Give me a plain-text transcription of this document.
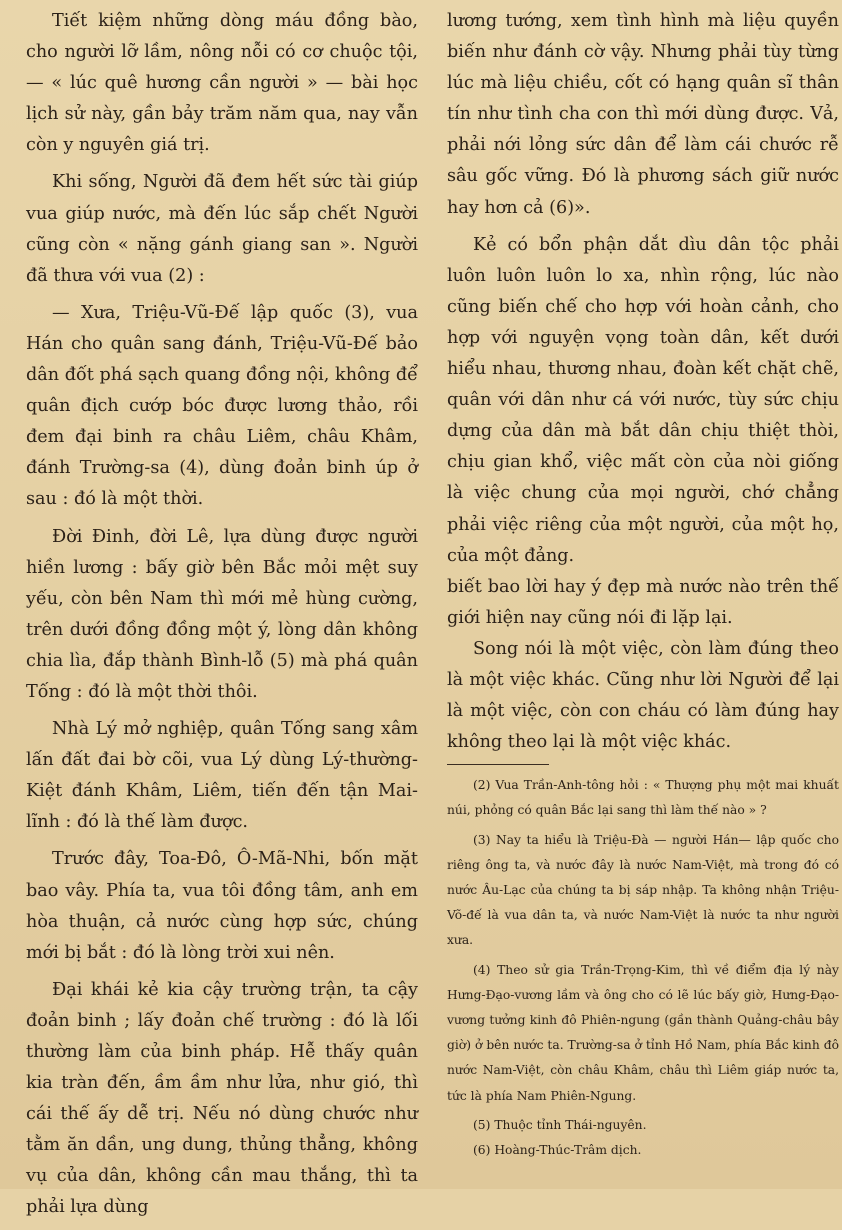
Tiết kiệm những dòng máu đồng bào, cho người lỡ lầm, nông nỗi có cơ chuộc tội, — « lúc quê hương cần người » — bài học lịch sử này, gần bảy trăm năm qua, nay vẫn còn y nguyên giá trị.

Khi sống, Người đã đem hết sức tài giúp vua giúp nước, mà đến lúc sắp chết Người cũng còn « nặng gánh giang san ». Người đã thưa với vua (2) :

— Xưa, Triệu-Vũ-Đế lập quốc (3), vua Hán cho quân sang đánh, Triệu-Vũ-Đế bảo dân đốt phá sạch quang đồng nội, không để quân địch cướp bóc được lương thảo, rồi đem đại binh ra châu Liêm, châu Khâm, đánh Trường-sa (4), dùng đoản binh úp ở sau : đó là một thời.

Đời Đinh, đời Lê, lựa dùng được người hiền lương : bấy giờ bên Bắc mỏi mệt suy yếu, còn bên Nam thì mới mẻ hùng cường, trên dưới đồng đồng một ý, lòng dân không chia lìa, đắp thành Bình-lỗ (5) mà phá quân Tống : đó là một thời thôi.

Nhà Lý mở nghiệp, quân Tống sang xâm lấn đất đai bờ cõi, vua Lý dùng Lý-thường-Kiệt đánh Khâm, Liêm, tiến đến tận Mai-lĩnh : đó là thế làm được.

Trước đây, Toa-Đô, Ô-Mã-Nhi, bốn mặt bao vây. Phía ta, vua tôi đồng tâm, anh em hòa thuận, cả nước cùng hợp sức, chúng mới bị bắt : đó là lòng trời xui nên.

Đại khái kẻ kia cậy trường trận, ta cậy đoản binh ; lấy đoản chế trường : đó là lối thường làm của binh pháp. Hễ thấy quân kia tràn đến, ầm ầm như lửa, như gió, thì cái thế ấy dễ trị. Nếu nó dùng chước như tằm ăn dần, ung dung, thủng thẳng, không vụ của dân, không cần mau thắng, thì ta phải lựa dùng

lương tướng, xem tình hình mà liệu quyền biến như đánh cờ vậy. Nhưng phải tùy từng lúc mà liệu chiều, cốt có hạng quân sĩ thân tín như tình cha con thì mới dùng được. Vả, phải nới lỏng sức dân để làm cái chước rễ sâu gốc vững. Đó là phương sách giữ nước hay hơn cả (6)».

Kẻ có bổn phận dắt dìu dân tộc phải luôn luôn luôn lo xa, nhìn rộng, lúc nào cũng biến chế cho hợp với hoàn cảnh, cho hợp với nguyện vọng toàn dân, kết dưới hiểu nhau, thương nhau, đoàn kết chặt chẽ, quân với dân như cá với nước, tùy sức chịu dựng của dân mà bắt dân chịu thiệt thòi, chịu gian khổ, việc mất còn của nòi giống là việc chung của mọi người, chớ chẳng phải việc riêng của một người, của một họ, của một đảng.

biết bao lời hay ý đẹp mà nước nào trên thế giới hiện nay cũng nói đi lặp lại.

Song nói là một việc, còn làm đúng theo là một việc khác. Cũng như lời Người để lại là một việc, còn con cháu có làm đúng hay không theo lại là một việc khác.

(2) Vua Trần-Anh-tông hỏi : « Thượng phụ một mai khuất núi, phỏng có quân Bắc lại sang thì làm thế nào » ?

(3) Nay ta hiểu là Triệu-Đà — người Hán— lập quốc cho riêng ông ta, và nước đây là nước Nam-Việt, mà trong đó có nước Âu-Lạc của chúng ta bị sáp nhập. Ta không nhận Triệu-Võ-đế là vua dân ta, và nước Nam-Việt là nước ta như người xưa.

(4) Theo sử gia Trần-Trọng-Kim, thì về điểm địa lý này Hưng-Đạo-vương lầm và ông cho có lẽ lúc bấy giờ, Hưng-Đạo-vương tưởng kinh đô Phiên-ngung (gần thành Quảng-châu bây giờ) ở bên nước ta. Trường-sa ở tỉnh Hồ Nam, phía Bắc kinh đô nước Nam-Việt, còn châu Khâm, châu thì Liêm giáp nước ta, tức là phía Nam Phiên-Ngung.

(5) Thuộc tỉnh Thái-nguyên.

(6) Hoàng-Thúc-Trâm dịch.
